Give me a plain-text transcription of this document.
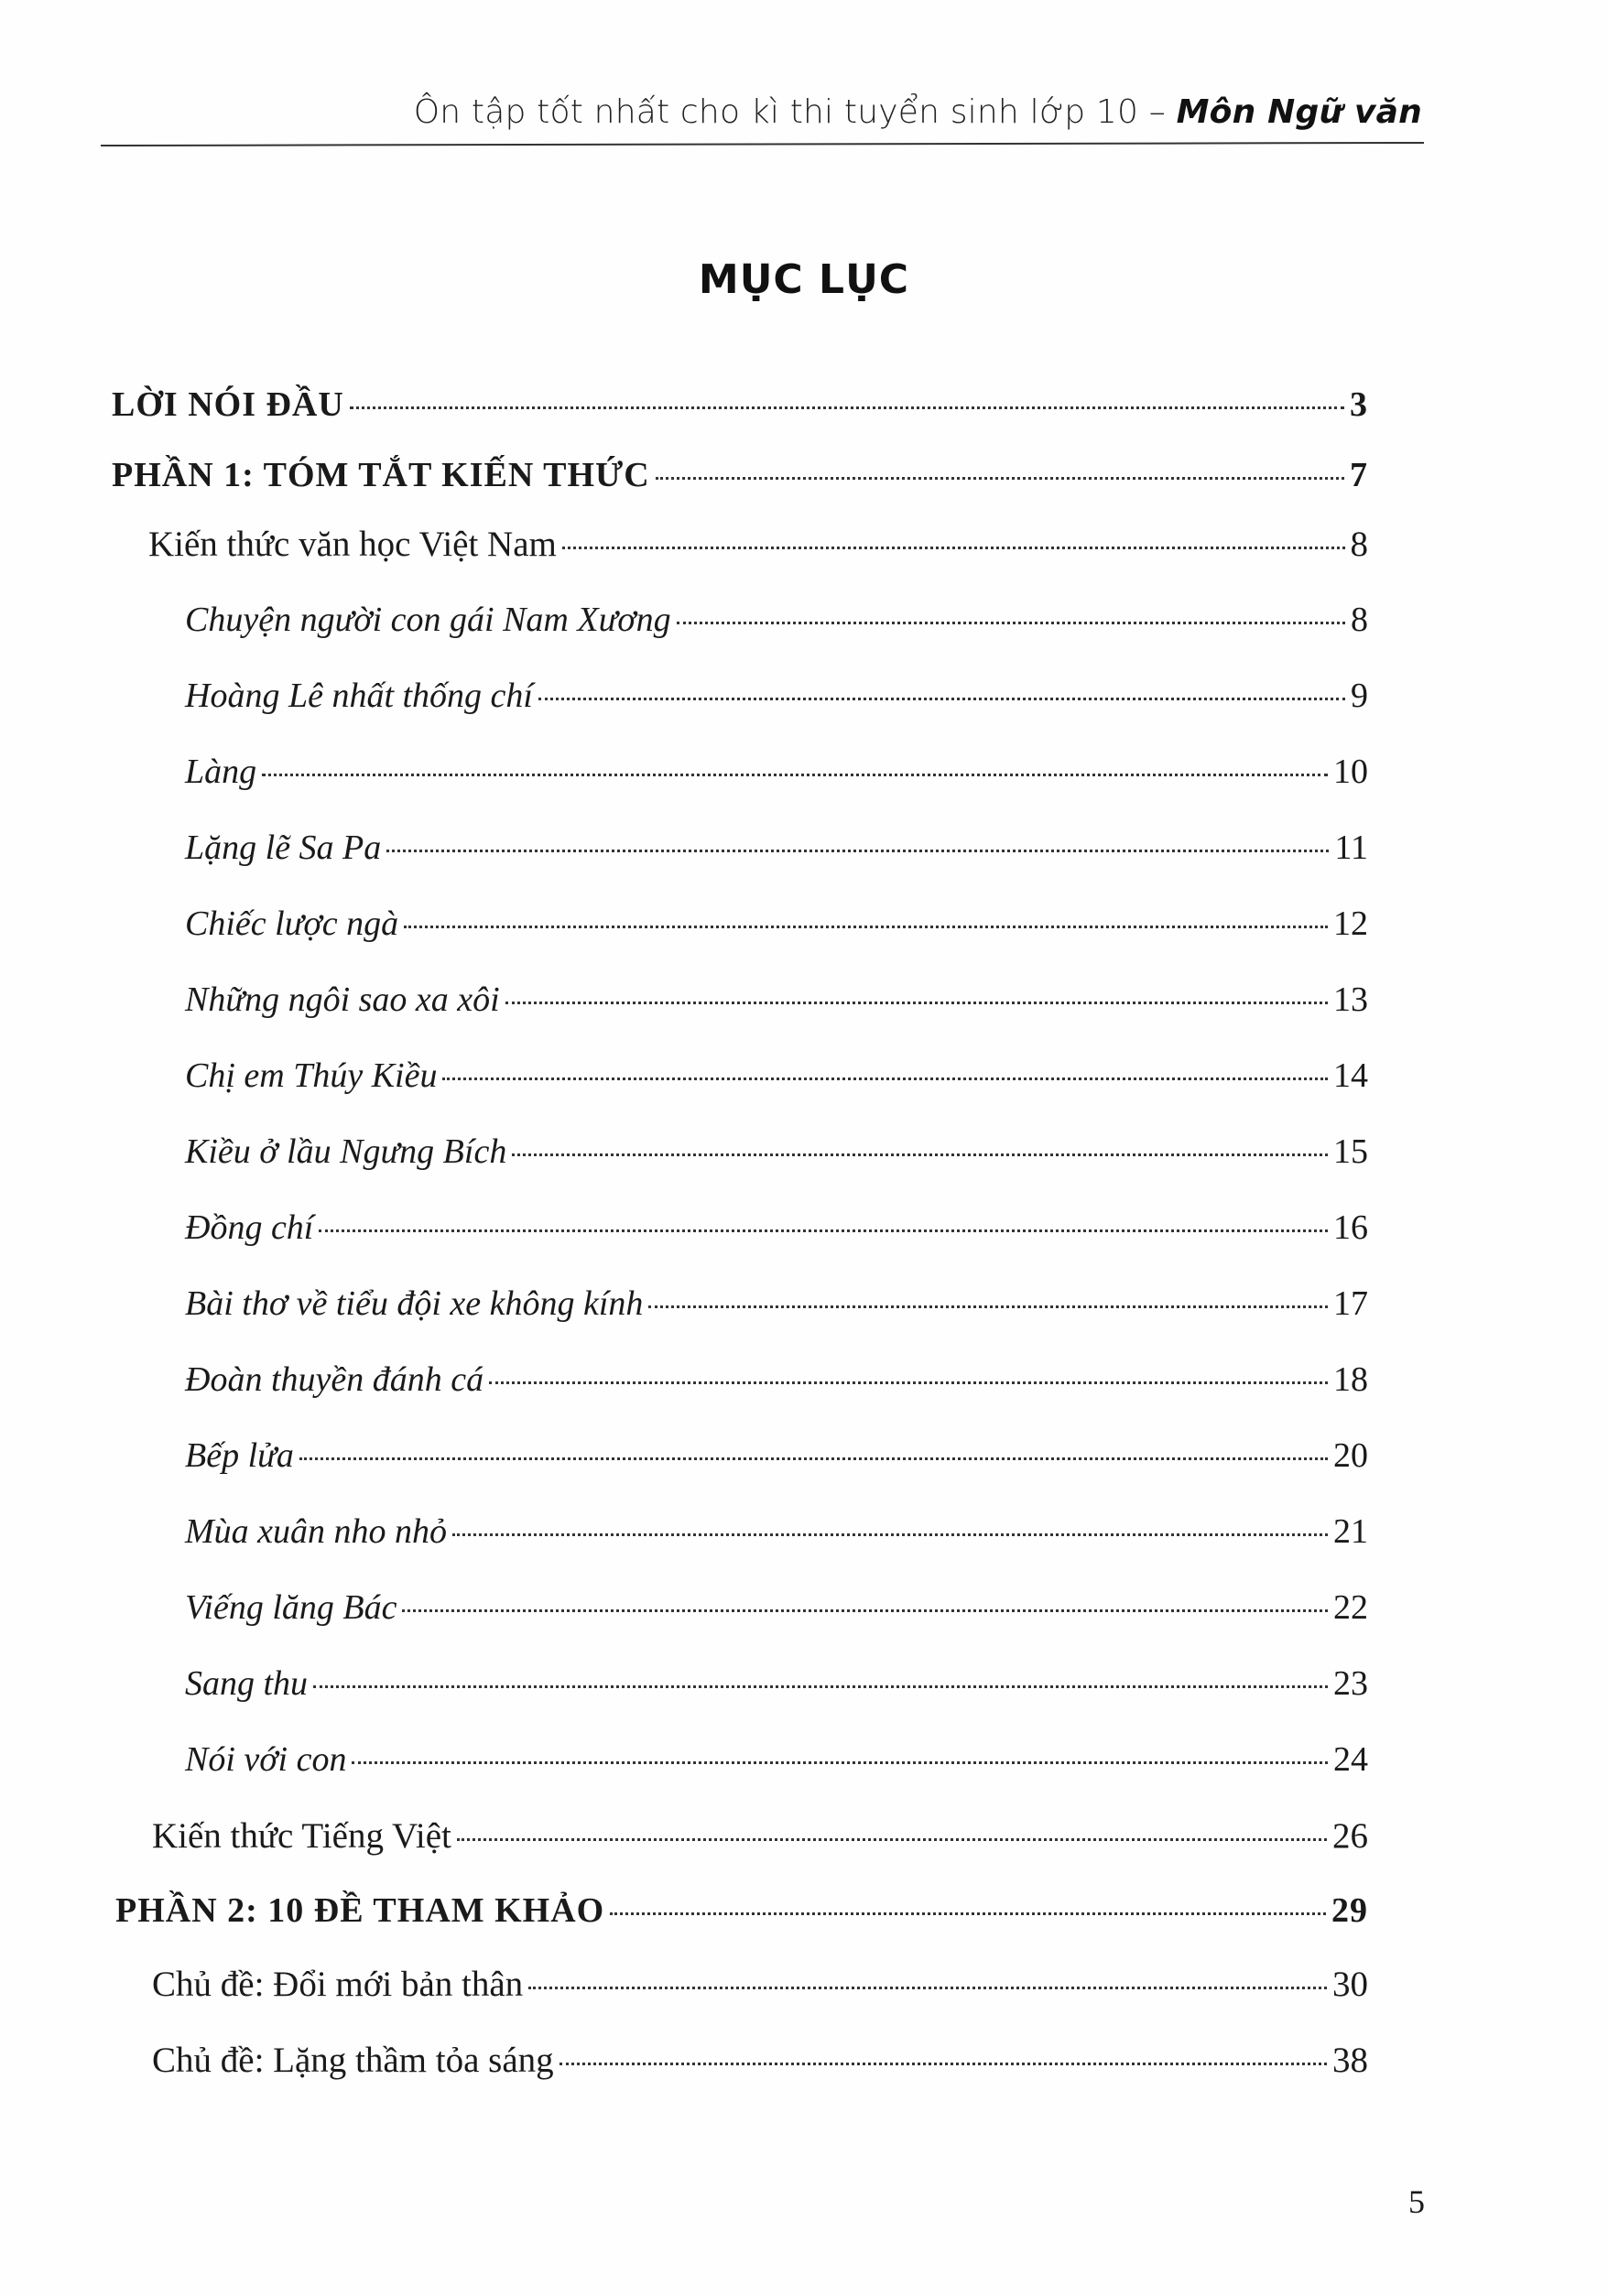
Ôn tập tốt nhất cho kì thi tuyển sinh lớp 10 – Môn Ngữ văn
MỤC LỤC
LỜI NÓI ĐẦU	3
PHẦN 1: TÓM TẮT KIẾN THỨC	7
Kiến thức văn học Việt Nam	8
Chuyện người con gái Nam Xương	8
Hoàng Lê nhất thống chí	9
Làng	10
Lặng lẽ Sa Pa	11
Chiếc lược ngà	12
Những ngôi sao xa xôi	13
Chị em Thúy Kiều	14
Kiều ở lầu Ngưng Bích	15
Đồng chí	16
Bài thơ về tiểu đội xe không kính	17
Đoàn thuyền đánh cá	18
Bếp lửa	20
Mùa xuân nho nhỏ	21
Viếng lăng Bác	22
Sang thu	23
Nói với con	24
Kiến thức Tiếng Việt	26
PHẦN 2: 10 ĐỀ THAM KHẢO	29
Chủ đề: Đổi mới bản thân	30
Chủ đề: Lặng thầm tỏa sáng	38
5
